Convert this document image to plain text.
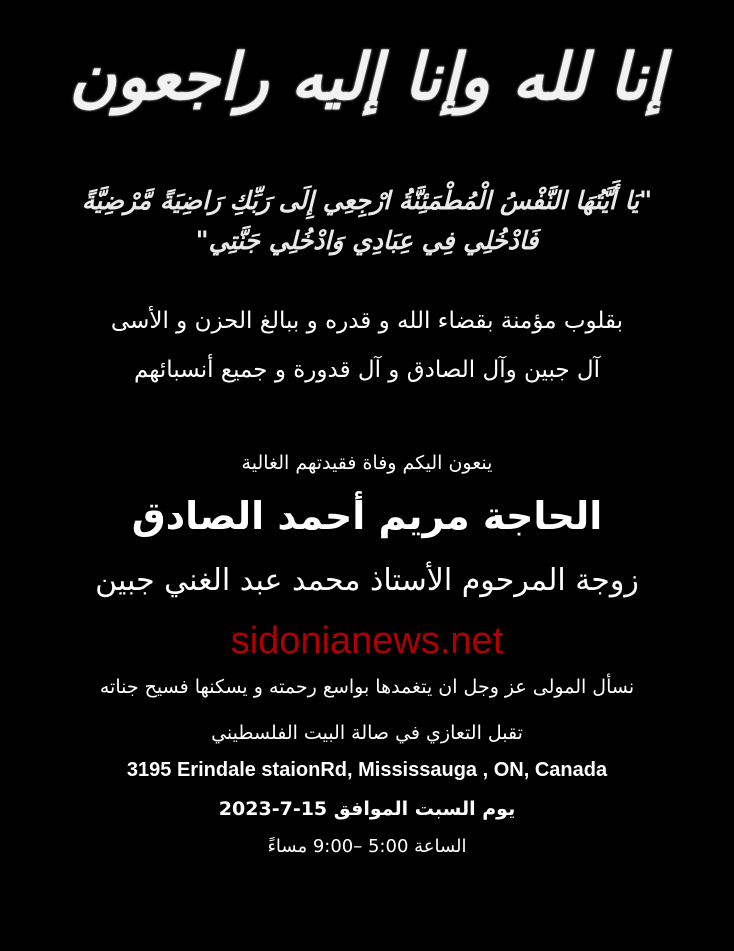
إنا لله وإنا إليه راجعون
"يَا أَيَّتُهَا النَّفْسُ الْمُطْمَئِنَّةُ ارْجِعِي إِلَى رَبِّكِ رَاضِيَةً مَّرْضِيَّةً
فَادْخُلِي فِي عِبَادِي وَادْخُلِي جَنَّتِي"
بقلوب مؤمنة بقضاء الله و قدره و ببالغ الحزن و الأسى
آل جبين وآل الصادق و آل قدورة و جميع أنسبائهم
ينعون اليكم وفاة فقيدتهم الغالية
الحاجة مريم أحمد الصادق
زوجة المرحوم الأستاذ محمد عبد الغني جبين
sidonianews.net
نسأل المولى عز وجل ان يتغمدها بواسع رحمته و يسكنها فسيح جناته
تقبل التعازي في صالة البيت الفلسطيني
3195 Erindale staionRd, Mississauga , ON, Canada
يوم السبت الموافق 15-7-2023
الساعة 5:00 –9:00 مساءً
